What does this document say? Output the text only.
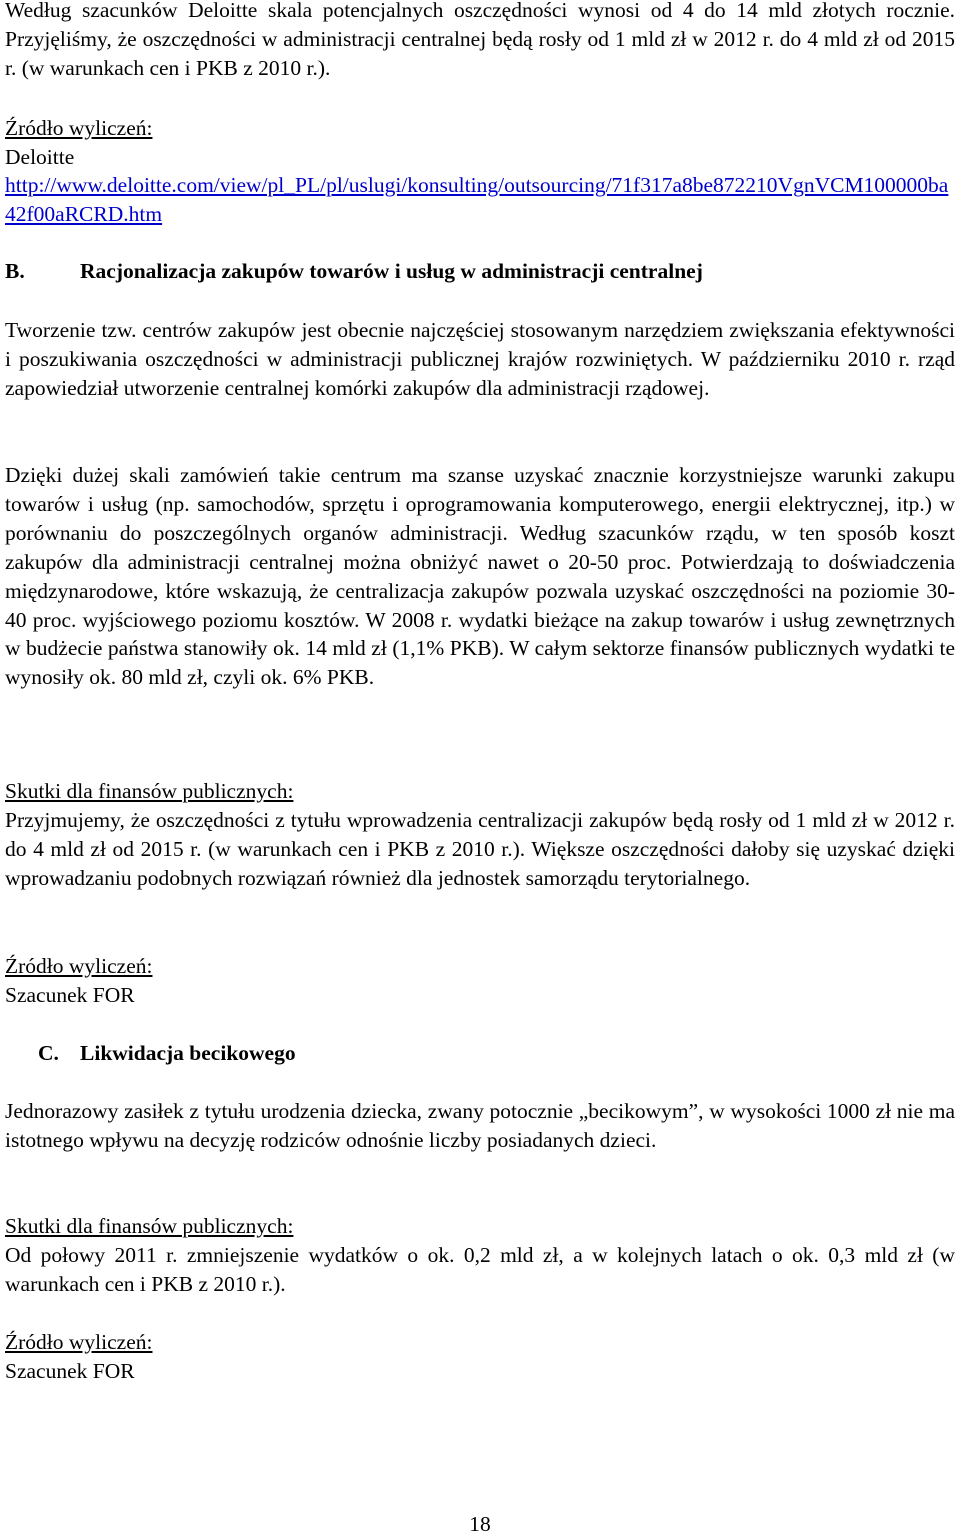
Według szacunków Deloitte skala potencjalnych oszczędności wynosi od 4 do 14 mld złotych rocznie. Przyjęliśmy, że oszczędności w administracji centralnej będą rosły od 1 mld zł w 2012 r. do 4 mld zł od 2015 r. (w warunkach cen i PKB z 2010 r.).
Źródło wyliczeń:
Deloitte
http://www.deloitte.com/view/pl_PL/pl/uslugi/konsulting/outsourcing/71f317a8be872210VgnVCM100000ba42f00aRCRD.htm
B.	Racjonalizacja zakupów towarów i usług w administracji centralnej
Tworzenie tzw. centrów zakupów jest obecnie najczęściej stosowanym narzędziem zwiększania efektywności i poszukiwania oszczędności w administracji publicznej krajów rozwiniętych. W październiku 2010 r. rząd zapowiedział utworzenie centralnej komórki zakupów dla administracji rządowej.
Dzięki dużej skali zamówień takie centrum ma szanse uzyskać znacznie korzystniejsze warunki zakupu towarów i usług (np. samochodów, sprzętu i oprogramowania komputerowego, energii elektrycznej, itp.) w porównaniu do poszczególnych organów administracji. Według szacunków rządu, w ten sposób koszt zakupów dla administracji centralnej można obniżyć nawet o 20-50 proc. Potwierdzają to doświadczenia międzynarodowe, które wskazują, że centralizacja zakupów pozwala uzyskać oszczędności na poziomie 30-40 proc. wyjściowego poziomu kosztów. W 2008 r. wydatki bieżące na zakup towarów i usług zewnętrznych w budżecie państwa stanowiły ok. 14 mld zł (1,1% PKB). W całym sektorze finansów publicznych wydatki te wynosiły ok. 80 mld zł, czyli ok. 6% PKB.
Skutki dla finansów publicznych:
Przyjmujemy, że oszczędności z tytułu wprowadzenia centralizacji zakupów będą rosły od 1 mld zł w 2012 r. do 4 mld zł od 2015 r. (w warunkach cen i PKB z 2010 r.). Większe oszczędności dałoby się uzyskać dzięki wprowadzaniu podobnych rozwiązań również dla jednostek samorządu terytorialnego.
Źródło wyliczeń:
Szacunek FOR
C. Likwidacja becikowego
Jednorazowy zasiłek z tytułu urodzenia dziecka, zwany potocznie „becikowym”, w wysokości 1000 zł nie ma istotnego wpływu na decyzję rodziców odnośnie liczby posiadanych dzieci.
Skutki dla finansów publicznych:
Od połowy 2011 r. zmniejszenie wydatków o ok. 0,2 mld zł, a w kolejnych latach o ok. 0,3 mld zł (w warunkach cen i PKB z 2010 r.).
Źródło wyliczeń:
Szacunek FOR
18
